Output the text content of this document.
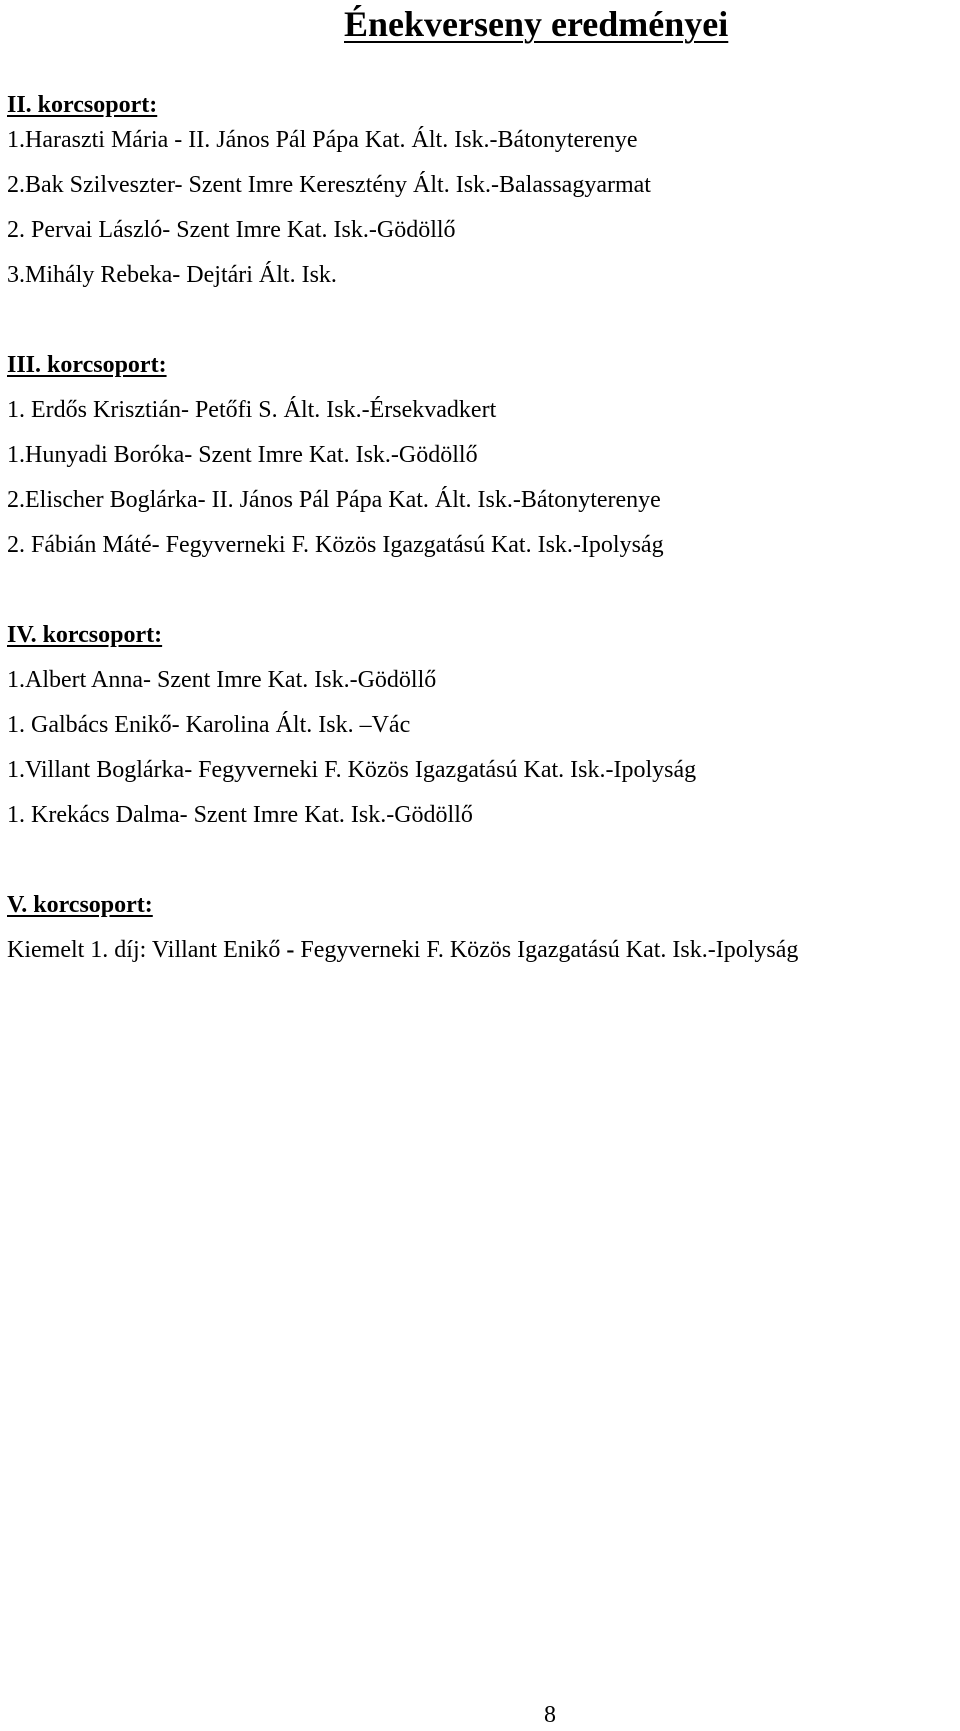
Énekverseny eredményei
II. korcsoport:
1.Haraszti Mária - II. János Pál Pápa Kat. Ált. Isk.-Bátonyterenye
2.Bak Szilveszter- Szent Imre Keresztény Ált. Isk.-Balassagyarmat
2. Pervai László- Szent Imre Kat. Isk.-Gödöllő
3.Mihály Rebeka- Dejtári Ált. Isk.
III. korcsoport:
1. Erdős Krisztián- Petőfi S. Ált. Isk.-Érsekvadkert
1.Hunyadi Boróka- Szent Imre Kat. Isk.-Gödöllő
2.Elischer Boglárka- II. János Pál Pápa Kat. Ált. Isk.-Bátonyterenye
2. Fábián Máté- Fegyverneki F. Közös Igazgatású Kat. Isk.-Ipolyság
IV. korcsoport:
1.Albert Anna- Szent Imre Kat. Isk.-Gödöllő
1. Galbács Enikő- Karolina Ált. Isk. –Vác
1.Villant Boglárka- Fegyverneki F. Közös Igazgatású Kat. Isk.-Ipolyság
1. Krekács Dalma- Szent Imre Kat. Isk.-Gödöllő
V. korcsoport:
Kiemelt 1. díj: Villant Enikő - Fegyverneki F. Közös Igazgatású Kat. Isk.-Ipolyság
8
